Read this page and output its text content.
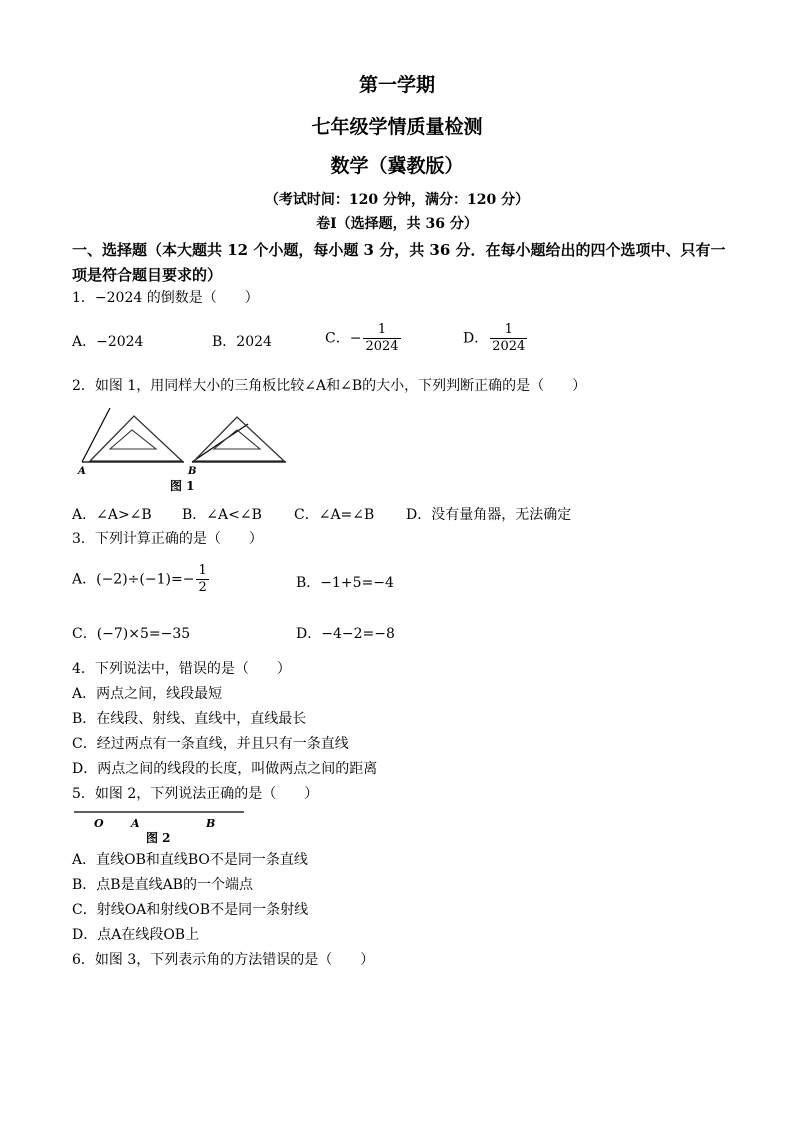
第一学期
七年级学情质量检测
数学（冀教版）
（考试时间：120 分钟，满分：120 分）
卷Ⅰ（选择题，共 36 分）
一、选择题（本大题共 12 个小题，每小题 3 分，共 36 分．在每小题给出的四个选项中、只有一项是符合题目要求的）
1．−2024 的倒数是（　　）
A．−2024	B．2024	C．− $\frac{1}{2024}$	D． $\frac{1}{2024}$
2．如图 1，用同样大小的三角板比较∠A和∠B的大小，下列判断正确的是（　　）
A	B
图 1
A．∠A>∠B B．∠A<∠B C．∠A=∠B D．没有量角器，无法确定
3．下列计算正确的是（　　）
A．$(-2)\div(-1)=- \frac{1}{2}$	B．−1+5=−4
C．(−7)×5=−35	D．−4−2=−8
4．下列说法中，错误的是（　　）
A．两点之间，线段最短
B．在线段、射线、直线中，直线最长
C．经过两点有一条直线，并且只有一条直线
D．两点之间的线段的长度，叫做两点之间的距离
5．如图 2，下列说法正确的是（　　）
O A	B
图 2
A．直线OB和直线BO不是同一条直线
B．点B是直线AB的一个端点
C．射线OA和射线OB不是同一条射线
D．点A在线段OB上
6．如图 3，下列表示角的方法错误的是（　　）
